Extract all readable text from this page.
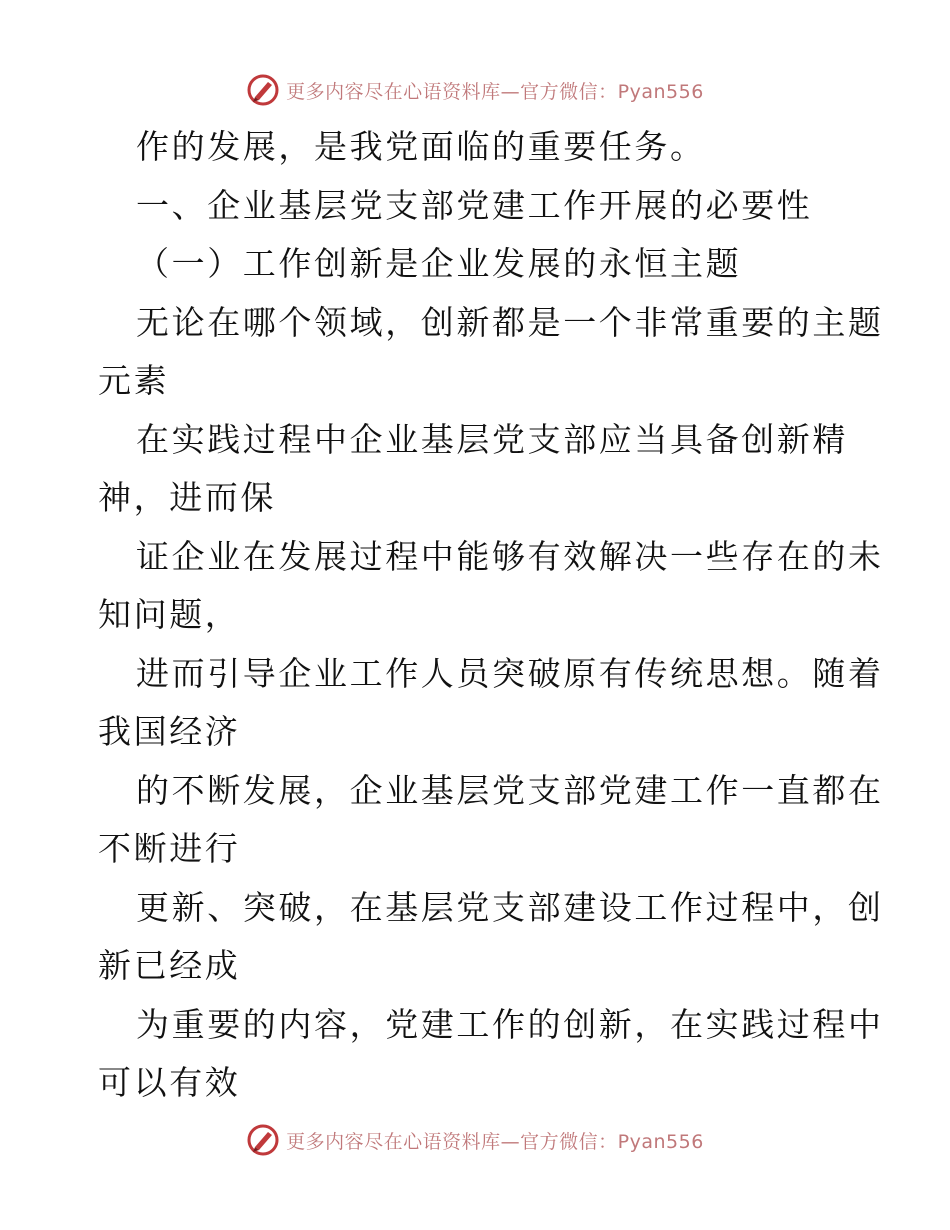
更多内容尽在心语资料库—官方微信：Pyan556
作的发展，是我党面临的重要任务。
一、企业基层党支部党建工作开展的必要性
（一）工作创新是企业发展的永恒主题
无论在哪个领域，创新都是一个非常重要的主题
元素
在实践过程中企业基层党支部应当具备创新精
神，进而保
证企业在发展过程中能够有效解决一些存在的未
知问题，
进而引导企业工作人员突破原有传统思想。随着
我国经济
的不断发展，企业基层党支部党建工作一直都在
不断进行
更新、突破，在基层党支部建设工作过程中，创
新已经成
为重要的内容，党建工作的创新，在实践过程中
可以有效
更多内容尽在心语资料库—官方微信：Pyan556
